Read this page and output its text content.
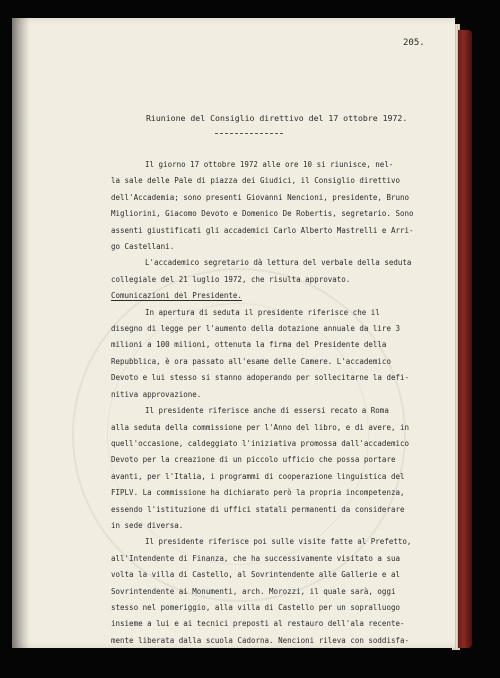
205.
Riunione del Consiglio direttivo del 17 ottobre 1972.

Il giorno 17 ottobre 1972 alle ore 10 si riunisce, nel-
la sale delle Pale di piazza dei Giudici, il Consiglio direttivo
dell'Accademia; sono presenti Giovanni Nencioni, presidente, Bruno
Migliorini, Giacomo Devoto e Domenico De Robertis, segretario. Sono
assenti giustificati gli accademici Carlo Alberto Mastrelli e Arri-
go Castellani.

L'accademico segretario dà lettura del verbale della seduta
collegiale del 21 luglio 1972, che risulta approvato.

Comunicazioni del Presidente.

In apertura di seduta il presidente riferisce che il
disegno di legge per l'aumento della dotazione annuale da lire 3
milioni a 100 milioni, ottenuta la firma del Presidente della
Repubblica, è ora passato all'esame delle Camere. L'accademico
Devoto e lui stesso si stanno adoperando per sollecitarne la defi-
nitiva approvazione.

Il presidente riferisce anche di essersi recato a Roma
alla seduta della commissione per l'Anno del libro, e di avere, in
quell'occasione, caldeggiato l'iniziativa promossa dall'accademico
Devoto per la creazione di un piccolo ufficio che possa portare
avanti, per l'Italia, i programmi di cooperazione linguistica del
FIPLV. La commissione ha dichiarato però la propria incompetenza,
essendo l'istituzione di uffici statali permanenti da considerare
in sede diversa.

Il presidente riferisce poi sulle visite fatte al Prefetto,
all'Intendente di Finanza, che ha successivamente visitato a sua
volta la villa di Castello, al Sovrintendente alle Gallerie e al
Sovrintendente ai Monumenti, arch. Morozzi, il quale sarà, oggi
stesso nel pomeriggio, alla villa di Castello per un sopralluogo
insieme a lui e ai tecnici preposti al restauro dell'ala recente-
mente liberata dalla scuola Cadorna. Nencioni rileva con soddisfa-
